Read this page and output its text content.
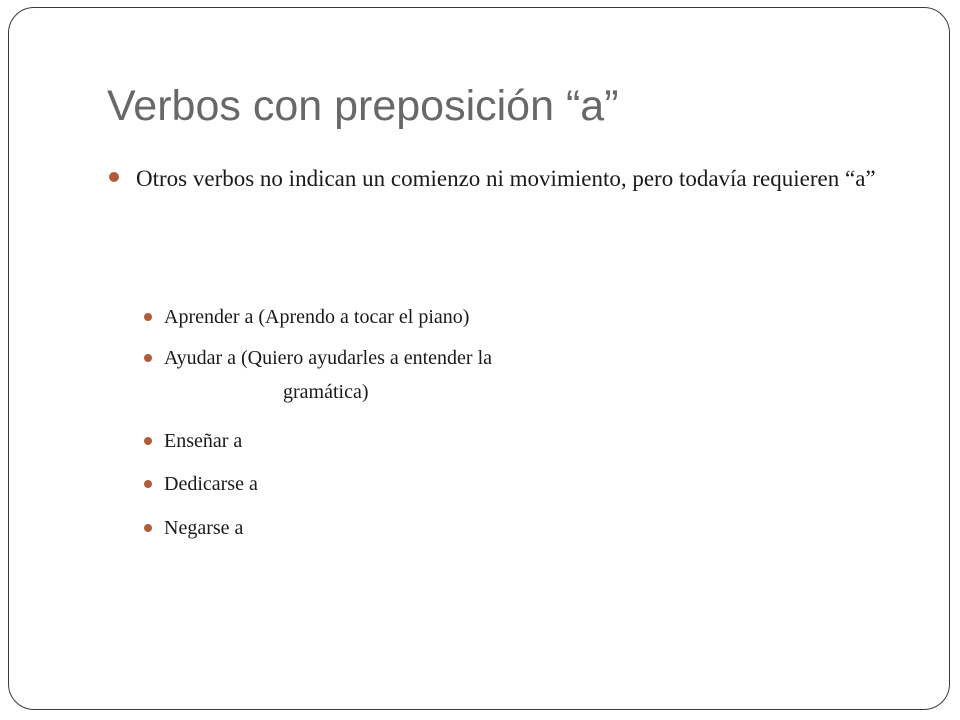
Verbos con preposición “a”
Otros verbos no indican un comienzo ni movimiento, pero todavía requieren “a”
Aprender a (Aprendo a tocar el piano)
Ayudar a (Quiero ayudarles a entender la
gramática)
Enseñar a
Dedicarse a
Negarse a
